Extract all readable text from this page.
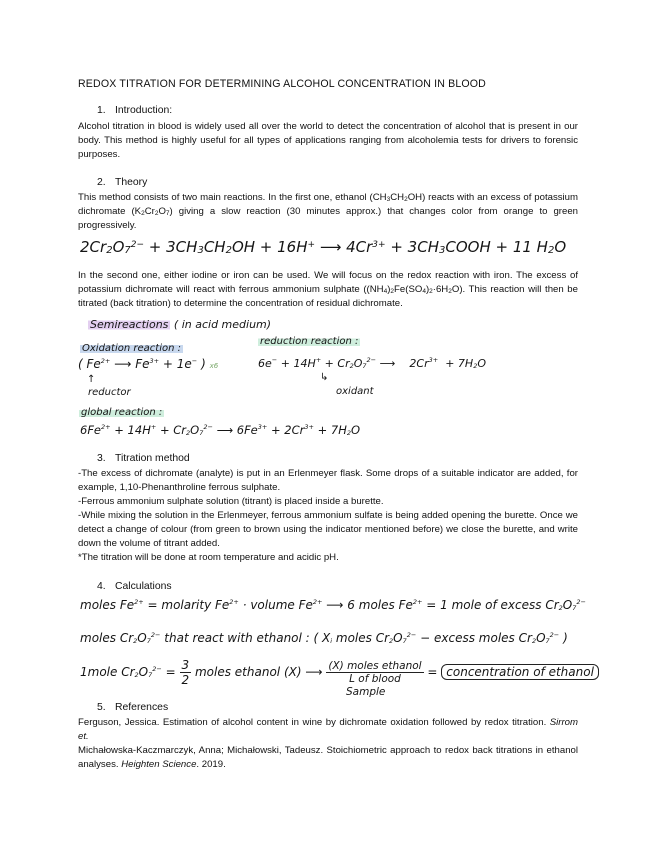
REDOX TITRATION FOR DETERMINING ALCOHOL CONCENTRATION IN BLOOD
1. Introduction:
Alcohol titration in blood is widely used all over the world to detect the concentration of alcohol that is present in our body. This method is highly useful for all types of applications ranging from alcoholemia tests for drivers to forensic purposes.
2. Theory
This method consists of two main reactions. In the first one, ethanol $(CH_3CH_2OH)$ reacts with an excess of potassium dichromate $(K_2Cr_2O_7)$ giving a slow reaction (30 minutes approx.) that changes color from orange to green progressively.
$2Cr_2O_7^{2-} + 3CH_3CH_2OH + 16H^+$ ⟶ $4Cr^{3+}$ + $3CH_3COOH + 11$ $H_2O$
In the second one, either iodine or iron can be used. We will focus on the redox reaction with iron. The excess of potassium dichromate will react with ferrous ammonium sulphate $((NH_4)_2Fe(SO_4)_2\cdot 6H_2O)$. This reaction will then be titrated (back titration) to determine the concentration of residual dichromate.
Semireactions ( in acid medium)
Oxidation reaction :
( $Fe^{2+}$ ⟶ $Fe^{3+} + 1e^-$ ) x6
↑
reductor
reduction reaction :
$6e^- + 14H^+ + Cr_2O_7^{2-}$ ⟶    $2Cr^{3+} + 7H_2O$
↳
oxidant
global reaction :
$6Fe^{2+} + 14H^+ + Cr_2O_7^{2-}$ ⟶ $6Fe^{3+} + 2Cr^{3+} + 7H_2O$
3. Titration method
-The excess of dichromate (analyte) is put in an Erlenmeyer flask. Some drops of a suitable indicator are added, for example, 1,10-Phenanthroline ferrous sulphate.
-Ferrous ammonium sulphate solution (titrant) is placed inside a burette.
-While mixing the solution in the Erlenmeyer, ferrous ammonium sulfate is being added opening the burette. Once we detect a change of colour (from green to brown using the indicator mentioned before) we close the burette, and write down the volume of titrant added.
*The titration will be done at room temperature and acidic pH.
4. Calculations
moles $Fe^{2+}$ = molarity $Fe^{2+}$ · volume $Fe^{2+}$ ⟶ 6 moles $Fe^{2+} = 1$ mole of excess $Cr_2O_7^{2-}$
moles $Cr_2O_7^{2-}$ that react with ethanol : ( $X_i$ moles $Cr_2O_7^{2-}$ − excess moles $Cr_2O_7^{2-}$ )
1mole $Cr_2O_7^{2-} = \frac{3}{2}$ moles ethanol (X) ⟶ $\frac{\text{(X) moles ethanol}}{\text{L of blood}}$ = concentration of ethanol
Sample
5. References
Ferguson, Jessica. Estimation of alcohol content in wine by dichromate oxidation followed by redox titration. Sirrom et.
Michałowska-Kaczmarczyk, Anna; Michałowski, Tadeusz. Stoichiometric approach to redox back titrations in ethanol analyses. Heighten Science. 2019.
